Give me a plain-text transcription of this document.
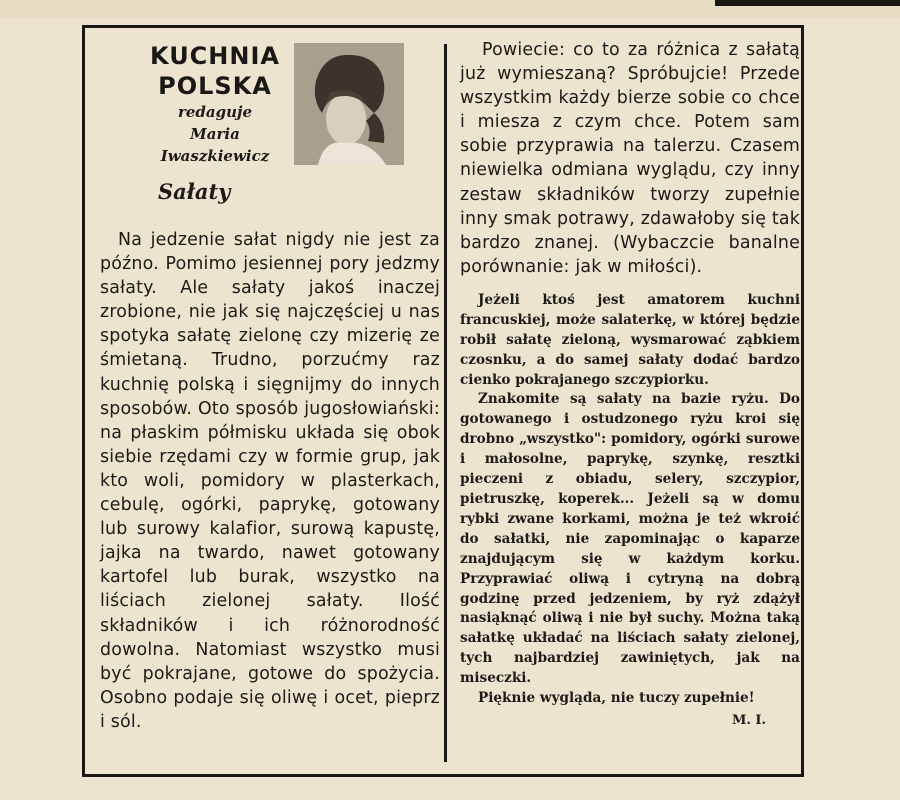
KUCHNIA
POLSKA
redaguje
Maria
Iwaszkiewicz
Sałaty
Na jedzenie sałat nigdy nie jest za późno. Pomimo jesiennej pory jedzmy sałaty. Ale sałaty jakoś inaczej zrobione, nie jak się najczęściej u nas spotyka sałatę zielonę czy mizerię ze śmietaną. Trudno, porzućmy raz kuchnię polską i sięgnijmy do innych sposobów. Oto sposób jugosłowiański: na płaskim półmisku układa się obok siebie rzędami czy w formie grup, jak kto woli, pomidory w plasterkach, cebulę, ogórki, paprykę, gotowany lub surowy kalafior, surową kapustę, jajka na twardo, nawet gotowany kartofel lub burak, wszystko na liściach zielonej sałaty. Ilość składników i ich różnorodność dowolna. Natomiast wszystko musi być pokrajane, gotowe do spożycia. Osobno podaje się oliwę i ocet, pieprz i sól.

Powiecie: co to za różnica z sałatą już wymieszaną? Spróbujcie! Przede wszystkim każdy bierze sobie co chce i miesza z czym chce. Potem sam sobie przyprawia na talerzu. Czasem niewielka odmiana wyglądu, czy inny zestaw składników tworzy zupełnie inny smak potrawy, zdawałoby się tak bardzo znanej. (Wybaczcie banalne porównanie: jak w miłości).

Jeżeli ktoś jest amatorem kuchni francuskiej, może salaterkę, w której będzie robił sałatę zieloną, wysmarować ząbkiem czosnku, a do samej sałaty dodać bardzo cienko pokrajanego szczypiorku.

Znakomite są sałaty na bazie ryżu. Do gotowanego i ostudzonego ryżu kroi się drobno „wszystko": pomidory, ogórki surowe i małosolne, paprykę, szynkę, resztki pieczeni z obiadu, selery, szczypior, pietruszkę, koperek... Jeżeli są w domu rybki zwane korkami, można je też wkroić do sałatki, nie zapominając o kaparze znajdującym się w każdym korku. Przyprawiać oliwą i cytryną na dobrą godzinę przed jedzeniem, by ryż zdążył nasiąknąć oliwą i nie był suchy. Można taką sałatkę układać na liściach sałaty zielonej, tych najbardziej zawiniętych, jak na miseczki.

Pięknie wygląda, nie tuczy zupełnie!

M. I.
